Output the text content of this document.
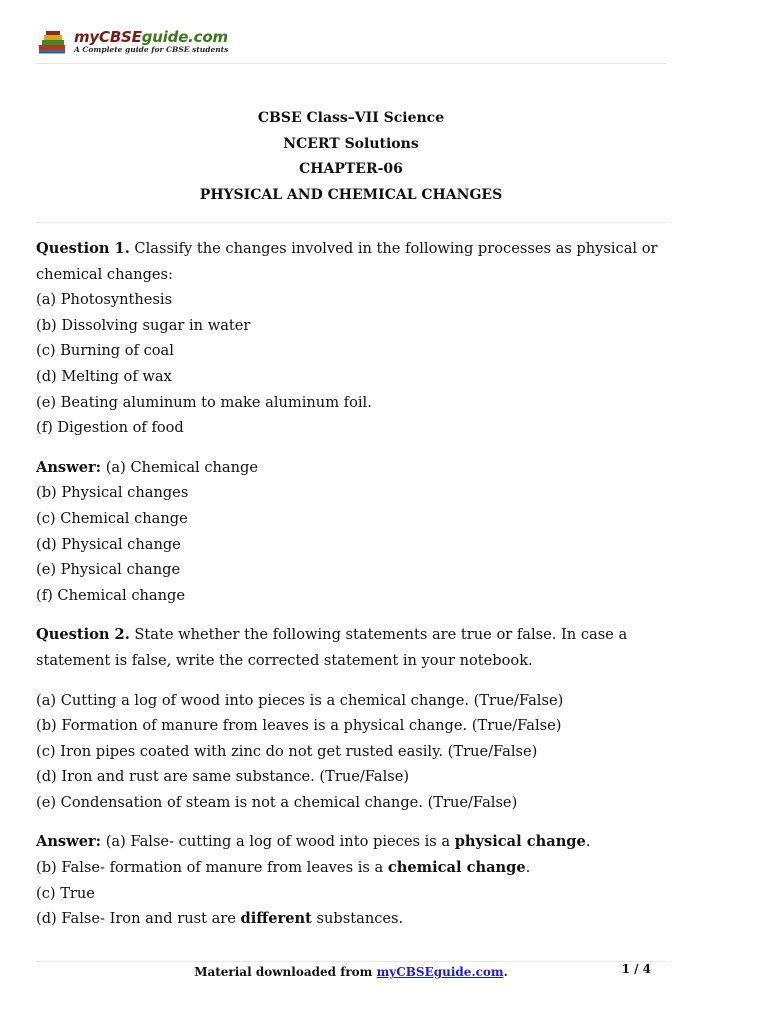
myCBSEguide.com
A Complete guide for CBSE students
CBSE Class–VII Science
NCERT Solutions
CHAPTER-06
PHYSICAL AND CHEMICAL CHANGES

Question 1. Classify the changes involved in the following processes as physical or chemical changes:

(a) Photosynthesis

(b) Dissolving sugar in water

(c) Burning of coal

(d) Melting of wax

(e) Beating aluminum to make aluminum foil.

(f) Digestion of food

Answer: (a) Chemical change

(b) Physical changes

(c) Chemical change

(d) Physical change

(e) Physical change

(f) Chemical change

Question 2. State whether the following statements are true or false. In case a statement is false, write the corrected statement in your notebook.

(a) Cutting a log of wood into pieces is a chemical change. (True/False)

(b) Formation of manure from leaves is a physical change. (True/False)

(c) Iron pipes coated with zinc do not get rusted easily. (True/False)

(d) Iron and rust are same substance. (True/False)

(e) Condensation of steam is not a chemical change. (True/False)

Answer: (a) False- cutting a log of wood into pieces is a physical change.

(b) False- formation of manure from leaves is a chemical change.

(c) True

(d) False- Iron and rust are different substances.

Material downloaded from myCBSEguide.com.	1 / 4
